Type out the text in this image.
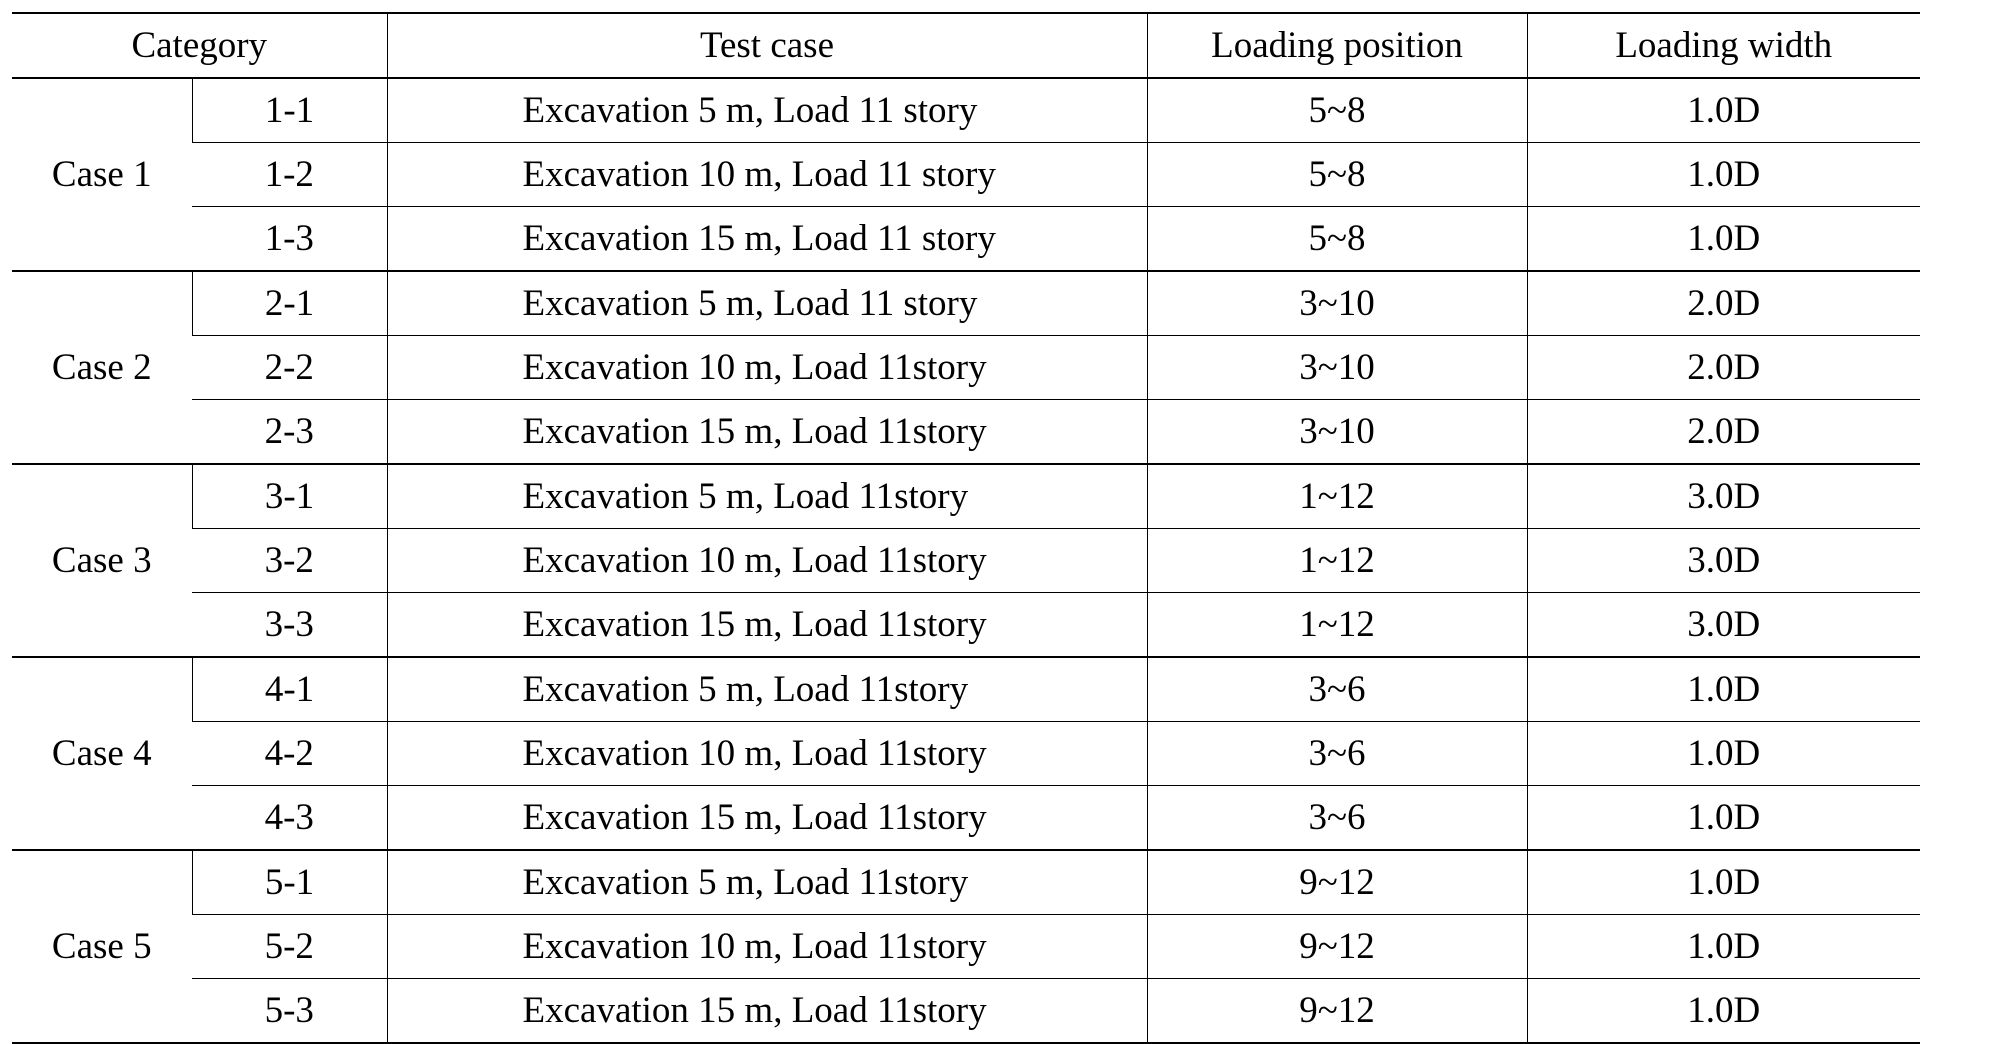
Category		Test case	Loading position	Loading width
Case 1	1-1	Excavation 5 m, Load 11 story	5~8	1.0D
	1-2	Excavation 10 m, Load 11 story	5~8	1.0D
	1-3	Excavation 15 m, Load 11 story	5~8	1.0D
Case 2	2-1	Excavation 5 m, Load 11 story	3~10	2.0D
	2-2	Excavation 10 m, Load 11story	3~10	2.0D
	2-3	Excavation 15 m, Load 11story	3~10	2.0D
Case 3	3-1	Excavation 5 m, Load 11story	1~12	3.0D
	3-2	Excavation 10 m, Load 11story	1~12	3.0D
	3-3	Excavation 15 m, Load 11story	1~12	3.0D
Case 4	4-1	Excavation 5 m, Load 11story	3~6	1.0D
	4-2	Excavation 10 m, Load 11story	3~6	1.0D
	4-3	Excavation 15 m, Load 11story	3~6	1.0D
Case 5	5-1	Excavation 5 m, Load 11story	9~12	1.0D
	5-2	Excavation 10 m, Load 11story	9~12	1.0D
	5-3	Excavation 15 m, Load 11story	9~12	1.0D
